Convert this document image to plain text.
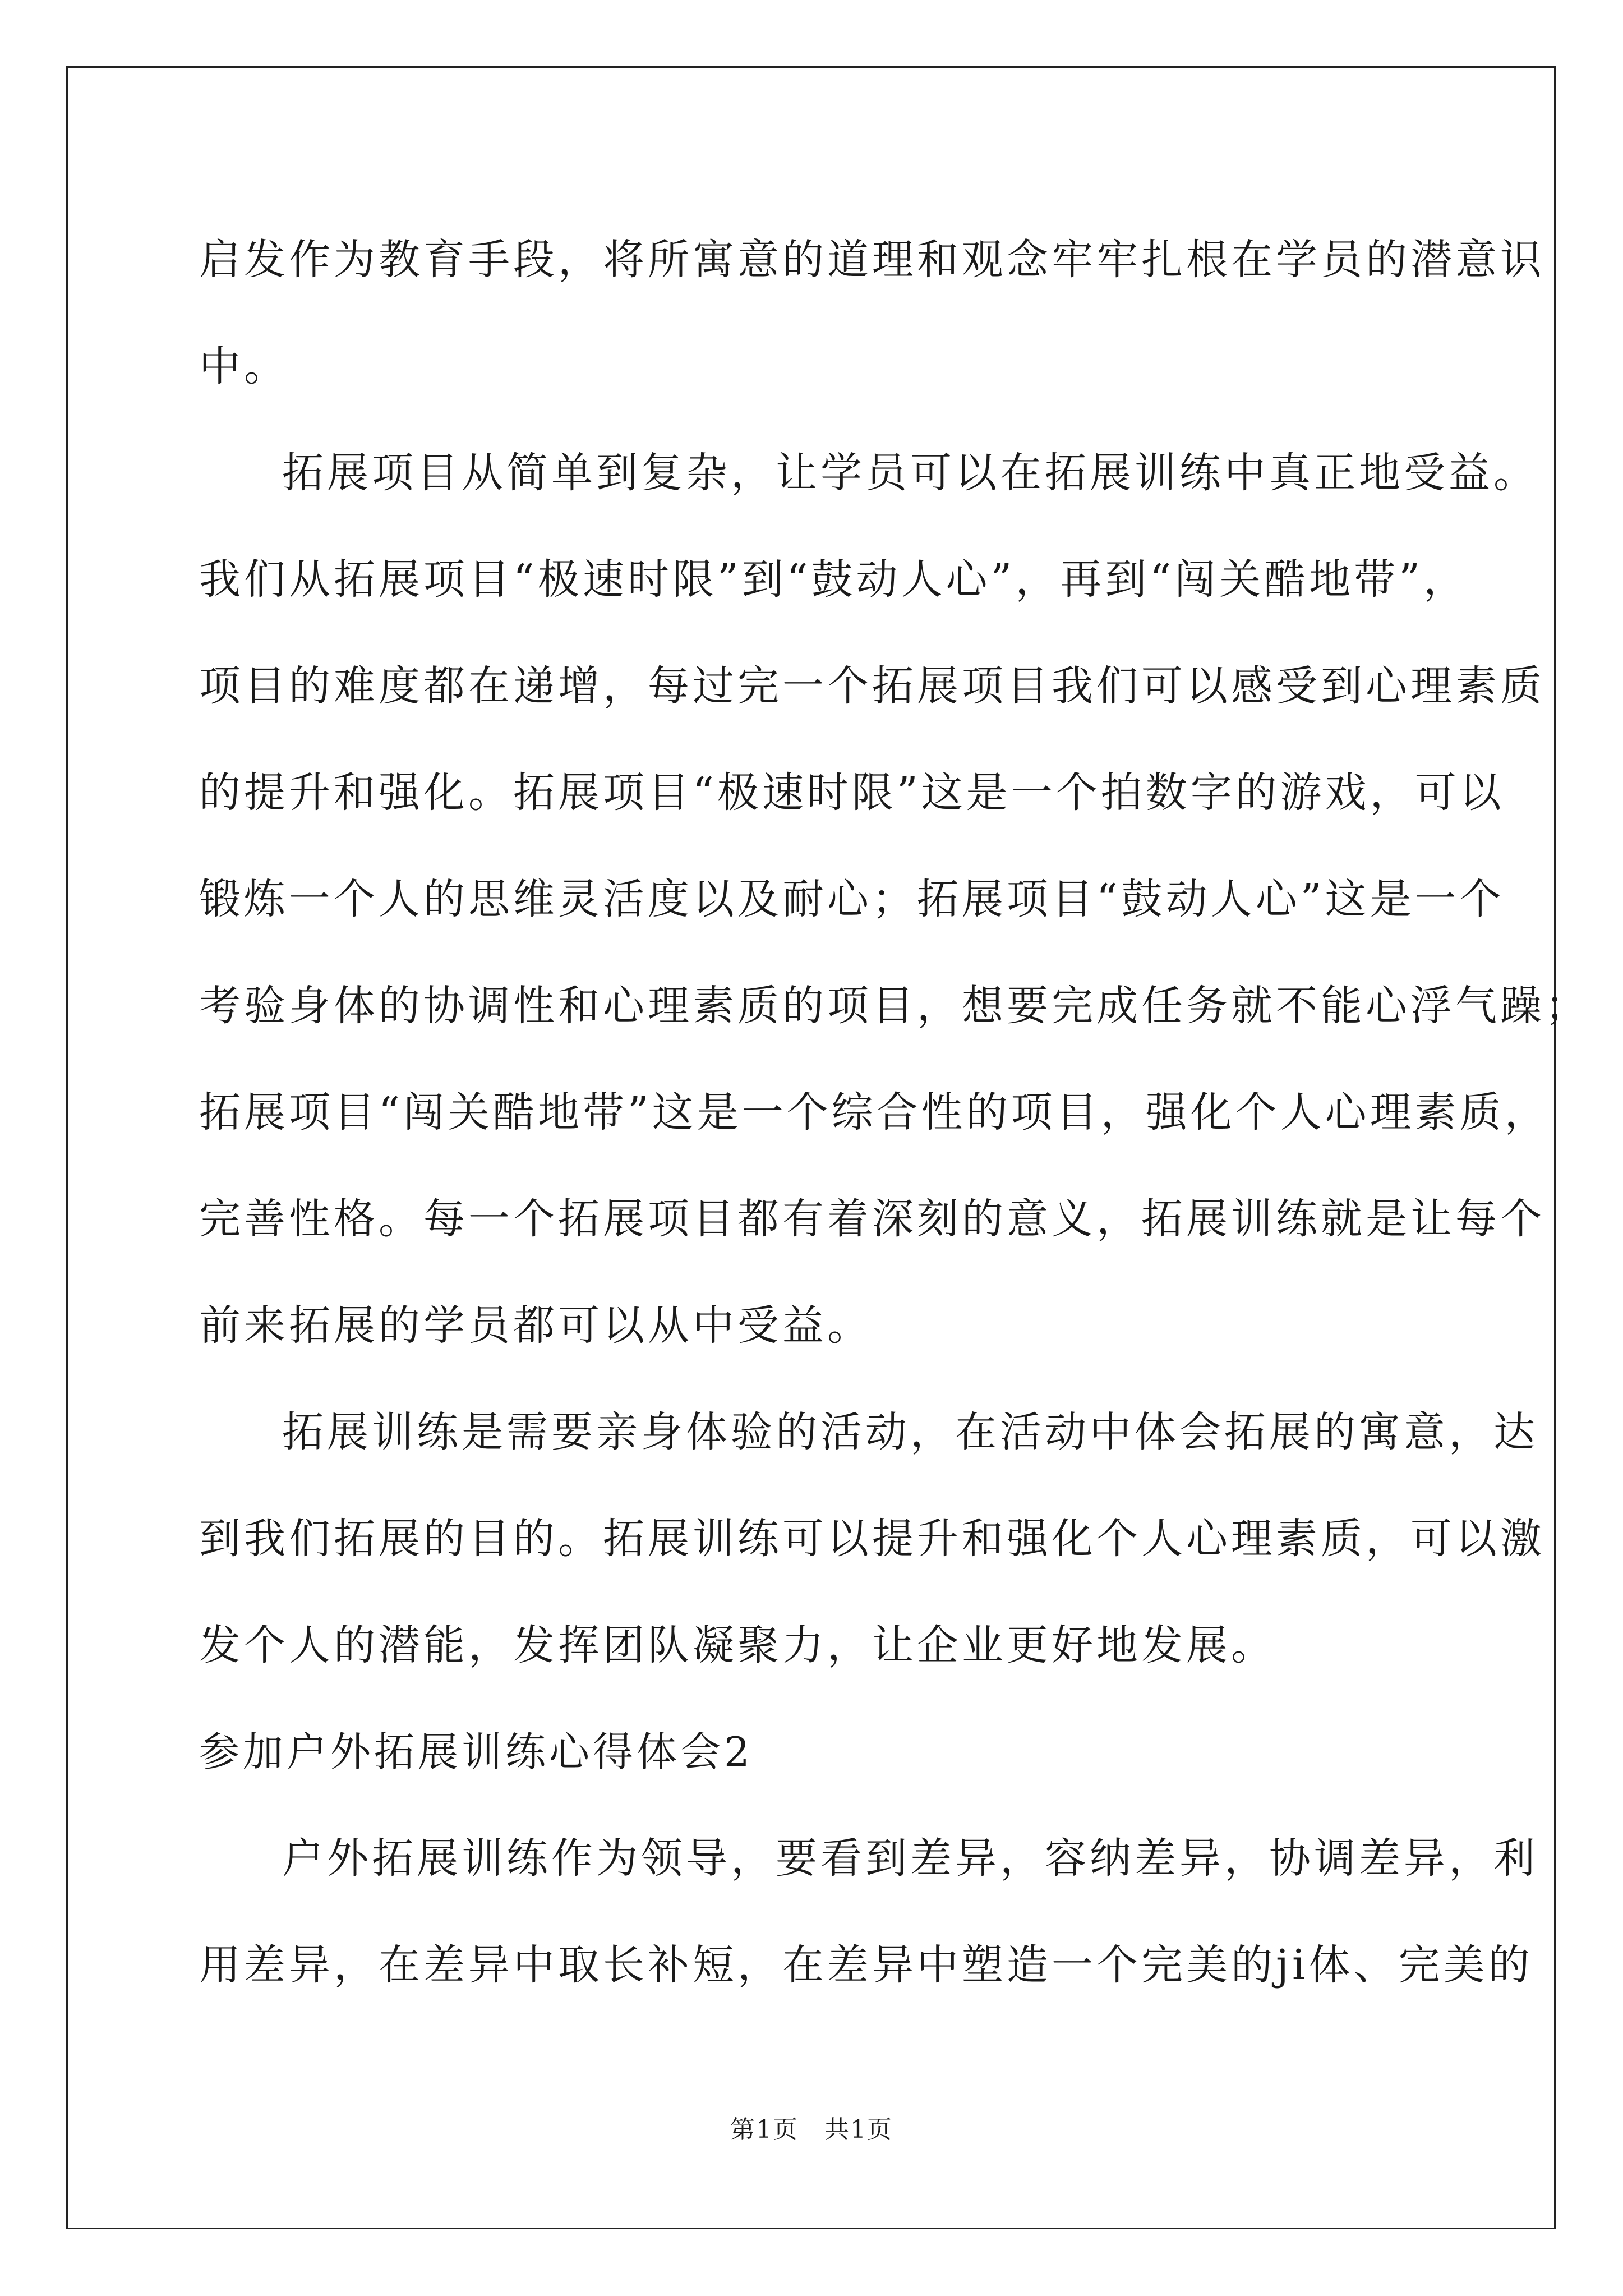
启发作为教育手段，将所寓意的道理和观念牢牢扎根在学员的潜意识
中。
拓展项目从简单到复杂，让学员可以在拓展训练中真正地受益。
我们从拓展项目“极速时限”到“鼓动人心”，再到“闯关酷地带”，
项目的难度都在递增，每过完一个拓展项目我们可以感受到心理素质
的提升和强化。拓展项目“极速时限”这是一个拍数字的游戏，可以
锻炼一个人的思维灵活度以及耐心；拓展项目“鼓动人心”这是一个
考验身体的协调性和心理素质的项目，想要完成任务就不能心浮气躁；
拓展项目“闯关酷地带”这是一个综合性的项目，强化个人心理素质，
完善性格。每一个拓展项目都有着深刻的意义，拓展训练就是让每个
前来拓展的学员都可以从中受益。
拓展训练是需要亲身体验的活动，在活动中体会拓展的寓意，达
到我们拓展的目的。拓展训练可以提升和强化个人心理素质，可以激
发个人的潜能，发挥团队凝聚力，让企业更好地发展。
参加户外拓展训练心得体会2
户外拓展训练作为领导，要看到差异，容纳差异，协调差异，利
用差异，在差异中取长补短，在差异中塑造一个完美的ji体、完美的
第1页　共1页
